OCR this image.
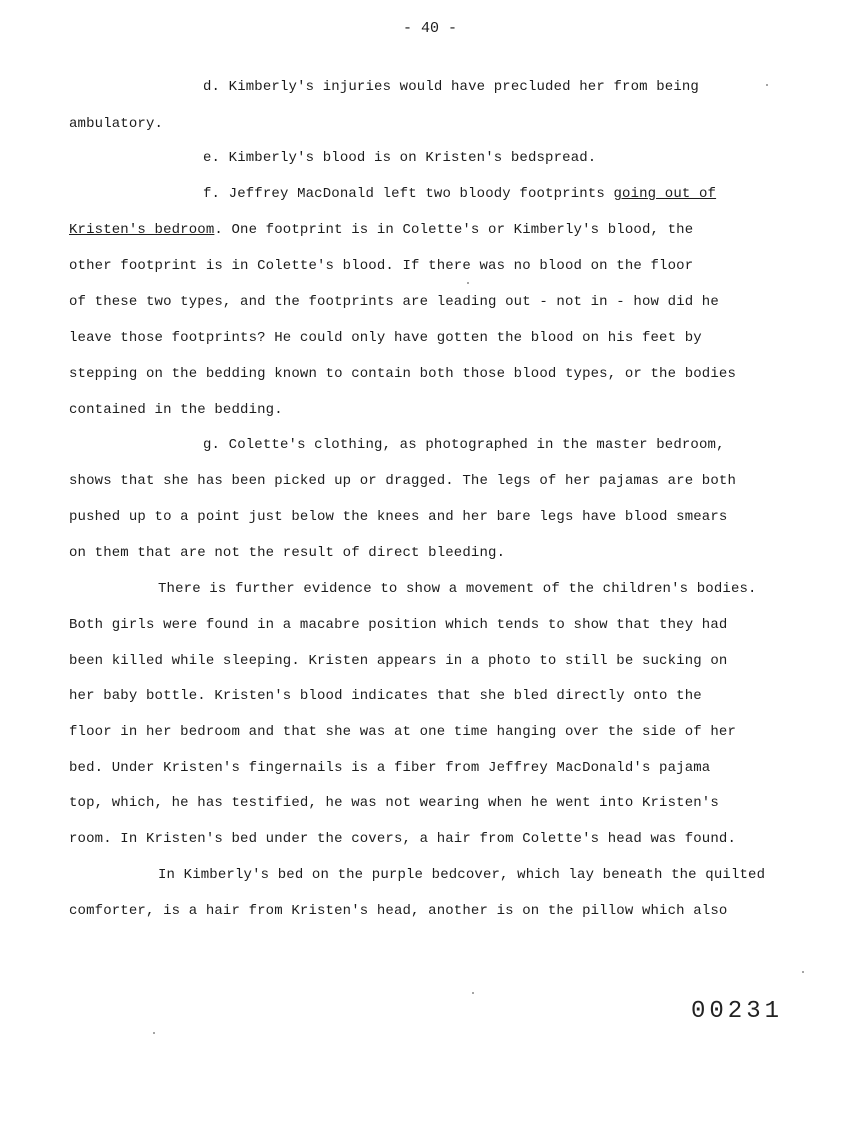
- 40 -
d. Kimberly's injuries would have precluded her from being
ambulatory.
e. Kimberly's blood is on Kristen's bedspread.
f. Jeffrey MacDonald left two bloody footprints going out of
Kristen's bedroom. One footprint is in Colette's or Kimberly's blood, the
other footprint is in Colette's blood. If there was no blood on the floor
of these two types, and the footprints are leading out - not in - how did he
leave those footprints? He could only have gotten the blood on his feet by
stepping on the bedding known to contain both those blood types, or the bodies
contained in the bedding.
g. Colette's clothing, as photographed in the master bedroom,
shows that she has been picked up or dragged. The legs of her pajamas are both
pushed up to a point just below the knees and her bare legs have blood smears
on them that are not the result of direct bleeding.
There is further evidence to show a movement of the children's bodies.
Both girls were found in a macabre position which tends to show that they had
been killed while sleeping. Kristen appears in a photo to still be sucking on
her baby bottle. Kristen's blood indicates that she bled directly onto the
floor in her bedroom and that she was at one time hanging over the side of her
bed. Under Kristen's fingernails is a fiber from Jeffrey MacDonald's pajama
top, which, he has testified, he was not wearing when he went into Kristen's
room. In Kristen's bed under the covers, a hair from Colette's head was found.
In Kimberly's bed on the purple bedcover, which lay beneath the quilted
comforter, is a hair from Kristen's head, another is on the pillow which also
00231
